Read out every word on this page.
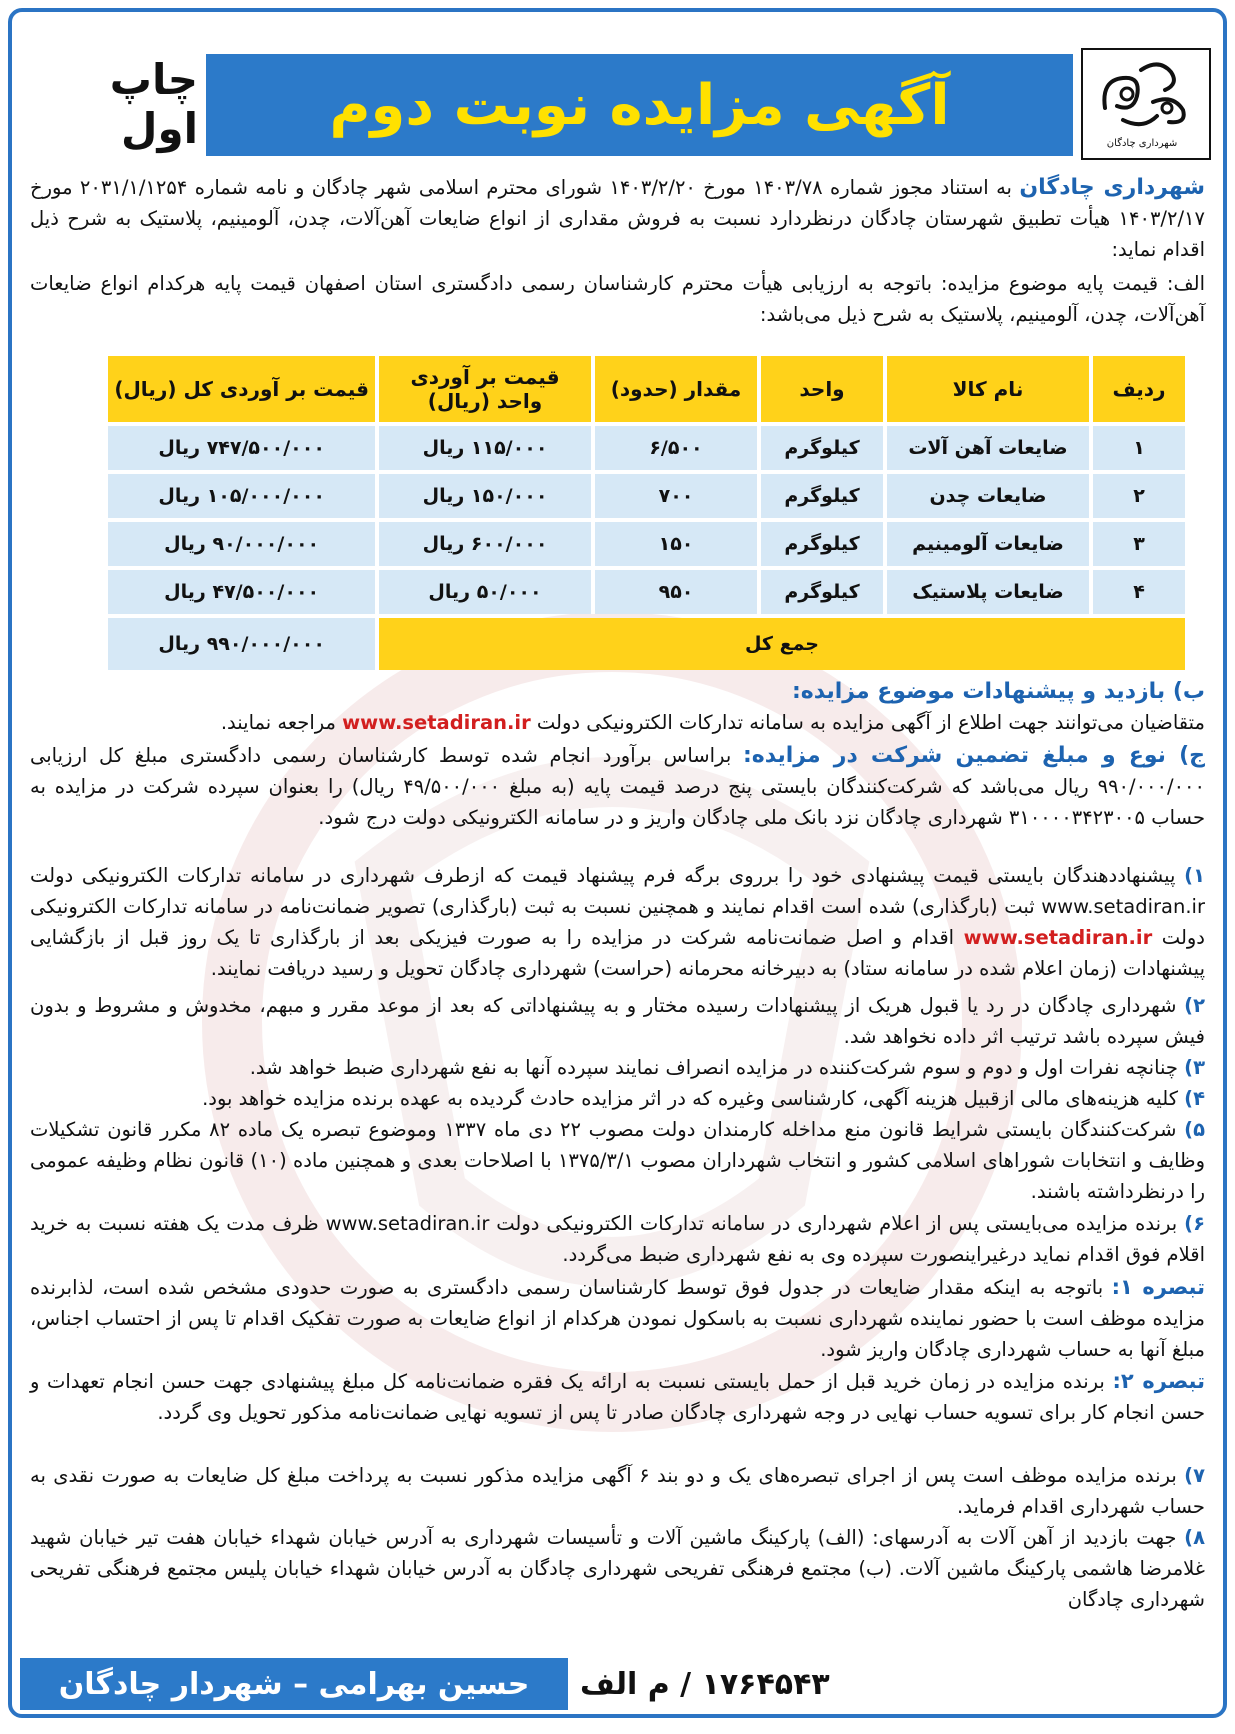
شهرداری چادگان
آگهی مزایده نوبت دوم
چاپ اول
شهرداری چادگان به استناد مجوز شماره ۱۴۰۳/۷۸ مورخ ۱۴۰۳/۲/۲۰ شورای محترم اسلامی شهر چادگان و نامه شماره ۲۰۳۱/۱/۱۲۵۴ مورخ ۱۴۰۳/۲/۱۷ هیأت تطبیق شهرستان چادگان درنظردارد نسبت به فروش مقداری از انواع ضایعات آهن‌آلات، چدن، آلومینیم، پلاستیک به شرح ذیل اقدام نماید:
الف: قیمت پایه موضوع مزایده: باتوجه به ارزیابی هیأت محترم کارشناسان رسمی دادگستری استان اصفهان قیمت پایه هرکدام انواع ضایعات آهن‌آلات، چدن، آلومینیم، پلاستیک به شرح ذیل می‌باشد:
ردیف	نام کالا	واحد	مقدار (حدود)	قیمت بر آوردی واحد (ریال)	قیمت بر آوردی کل (ریال)
۱	ضایعات آهن آلات	کیلوگرم	۶/۵۰۰	۱۱۵/۰۰۰ ریال	۷۴۷/۵۰۰/۰۰۰ ریال
۲	ضایعات چدن	کیلوگرم	۷۰۰	۱۵۰/۰۰۰ ریال	۱۰۵/۰۰۰/۰۰۰ ریال
۳	ضایعات آلومینیم	کیلوگرم	۱۵۰	۶۰۰/۰۰۰ ریال	۹۰/۰۰۰/۰۰۰ ریال
۴	ضایعات پلاستیک	کیلوگرم	۹۵۰	۵۰/۰۰۰ ریال	۴۷/۵۰۰/۰۰۰ ریال
جمع کل					۹۹۰/۰۰۰/۰۰۰ ریال
ب) بازدید و پیشنهادات موضوع مزایده:
متقاضیان می‌توانند جهت اطلاع از آگهی مزایده به سامانه تدارکات الکترونیکی دولت www.setadiran.ir مراجعه نمایند.
ج) نوع و مبلغ تضمین شرکت در مزایده: براساس برآورد انجام شده توسط کارشناسان رسمی دادگستری مبلغ کل ارزیابی ۹۹۰/۰۰۰/۰۰۰ ریال می‌باشد که شرکت‌کنندگان بایستی پنج درصد قیمت پایه (به مبلغ ۴۹/۵۰۰/۰۰۰ ریال) را بعنوان سپرده شرکت در مزایده به حساب ۳۱۰۰۰۰۳۴۲۳۰۰۵ شهرداری چادگان نزد بانک ملی چادگان واریز و در سامانه الکترونیکی دولت درج شود.
۱) پیشنهاددهندگان بایستی قیمت پیشنهادی خود را برروی برگه فرم پیشنهاد قیمت که ازطرف شهرداری در سامانه تدارکات الکترونیکی دولت www.setadiran.ir ثبت (بارگذاری) شده است اقدام نمایند و همچنین نسبت به ثبت (بارگذاری) تصویر ضمانت‌نامه در سامانه تدارکات الکترونیکی دولت www.setadiran.ir اقدام و اصل ضمانت‌نامه شرکت در مزایده را به صورت فیزیکی بعد از بارگذاری تا یک روز قبل از بازگشایی پیشنهادات (زمان اعلام شده در سامانه ستاد) به دبیرخانه محرمانه (حراست) شهرداری چادگان تحویل و رسید دریافت نمایند.
۲) شهرداری چادگان در رد یا قبول هریک از پیشنهادات رسیده مختار و به پیشنهاداتی که بعد از موعد مقرر و مبهم، مخدوش و مشروط و بدون فیش سپرده باشد ترتیب اثر داده نخواهد شد.
۳) چنانچه نفرات اول و دوم و سوم شرکت‌کننده در مزایده انصراف نمایند سپرده آنها به نفع شهرداری ضبط خواهد شد.
۴) کلیه هزینه‌های مالی ازقبیل هزینه آگهی، کارشناسی وغیره که در اثر مزایده حادث گردیده به عهده برنده مزایده خواهد بود.
۵) شرکت‌کنندگان بایستی شرایط قانون منع مداخله کارمندان دولت مصوب ۲۲ دی ماه ۱۳۳۷ وموضوع تبصره یک ماده ۸۲ مکرر قانون تشکیلات وظایف و انتخابات شوراهای اسلامی کشور و انتخاب شهرداران مصوب ۱۳۷۵/۳/۱ با اصلاحات بعدی و همچنین ماده (۱۰) قانون نظام وظیفه عمومی را درنظرداشته باشند.
۶) برنده مزایده می‌بایستی پس از اعلام شهرداری در سامانه تدارکات الکترونیکی دولت www.setadiran.ir ظرف مدت یک هفته نسبت به خرید اقلام فوق اقدام نماید درغیراینصورت سپرده وی به نفع شهرداری ضبط می‌گردد.
تبصره ۱: باتوجه به اینکه مقدار ضایعات در جدول فوق توسط کارشناسان رسمی دادگستری به صورت حدودی مشخص شده است، لذابرنده مزایده موظف است با حضور نماینده شهرداری نسبت به باسکول نمودن هرکدام از انواع ضایعات به صورت تفکیک اقدام تا پس از احتساب اجناس، مبلغ آنها به حساب شهرداری چادگان واریز شود.
تبصره ۲: برنده مزایده در زمان خرید قبل از حمل بایستی نسبت به ارائه یک فقره ضمانت‌نامه کل مبلغ پیشنهادی جهت حسن انجام تعهدات و حسن انجام کار برای تسویه حساب نهایی در وجه شهرداری چادگان صادر تا پس از تسویه نهایی ضمانت‌نامه مذکور تحویل وی گردد.
۷) برنده مزایده موظف است پس از اجرای تبصره‌های یک و دو بند ۶ آگهی مزایده مذکور نسبت به پرداخت مبلغ کل ضایعات به صورت نقدی به حساب شهرداری اقدام فرماید.
۸) جهت بازدید از آهن آلات به آدرسهای: (الف) پارکینگ ماشین آلات و تأسیسات شهرداری به آدرس خیابان شهداء خیابان هفت تیر خیابان شهید غلامرضا هاشمی پارکینگ ماشین آلات. (ب) مجتمع فرهنگی تفریحی شهرداری چادگان به آدرس خیابان شهداء خیابان پلیس مجتمع فرهنگی تفریحی شهرداری چادگان
۱۷۶۴۵۴۳ / م الف
حسین بهرامی – شهردار چادگان
